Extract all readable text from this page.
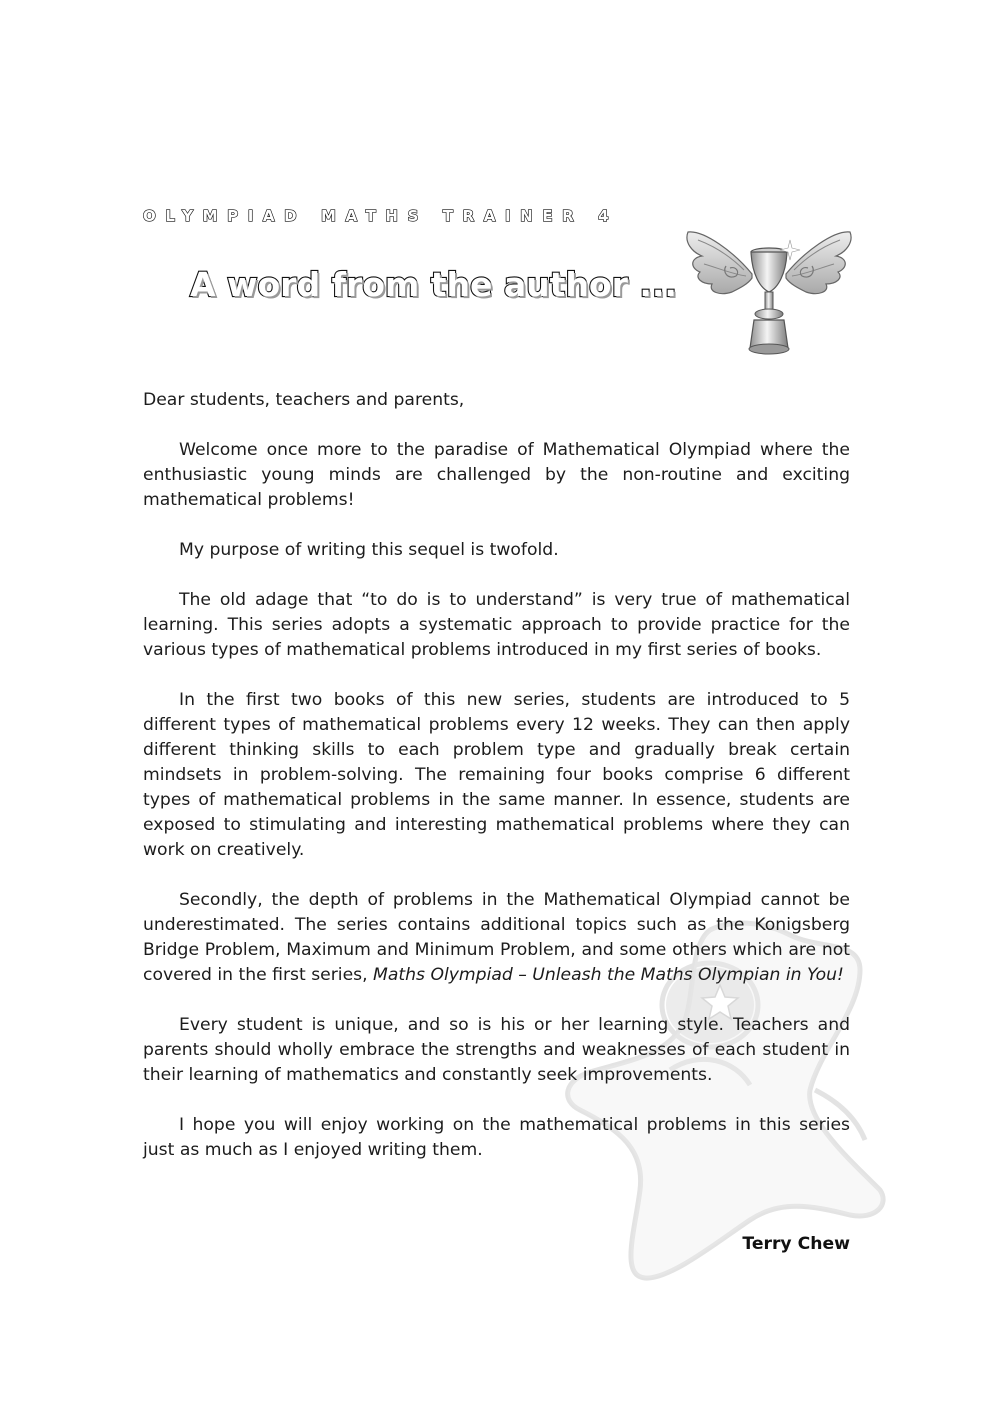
OLYMPIAD MATHS TRAINER 4
A word from the author ...

Dear students, teachers and parents,

Welcome once more to the paradise of Mathematical Olympiad where the enthusiastic young minds are challenged by the non-routine and exciting mathematical problems!

My purpose of writing this sequel is twofold.

The old adage that “to do is to understand” is very true of mathematical learning. This series adopts a systematic approach to provide practice for the various types of mathematical problems introduced in my first series of books.

In the first two books of this new series, students are introduced to 5 different types of mathematical problems every 12 weeks. They can then apply different thinking skills to each problem type and gradually break certain mindsets in problem-solving. The remaining four books comprise 6 different types of mathematical problems in the same manner. In essence, students are exposed to stimulating and interesting mathematical problems where they can work on creatively.

Secondly, the depth of problems in the Mathematical Olympiad cannot be underestimated. The series contains additional topics such as the Konigsberg Bridge Problem, Maximum and Minimum Problem, and some others which are not covered in the first series, Maths Olympiad – Unleash the Maths Olympian in You!

Every student is unique, and so is his or her learning style. Teachers and parents should wholly embrace the strengths and weaknesses of each student in their learning of mathematics and constantly seek improvements.

I hope you will enjoy working on the mathematical problems in this series just as much as I enjoyed writing them.

Terry Chew
